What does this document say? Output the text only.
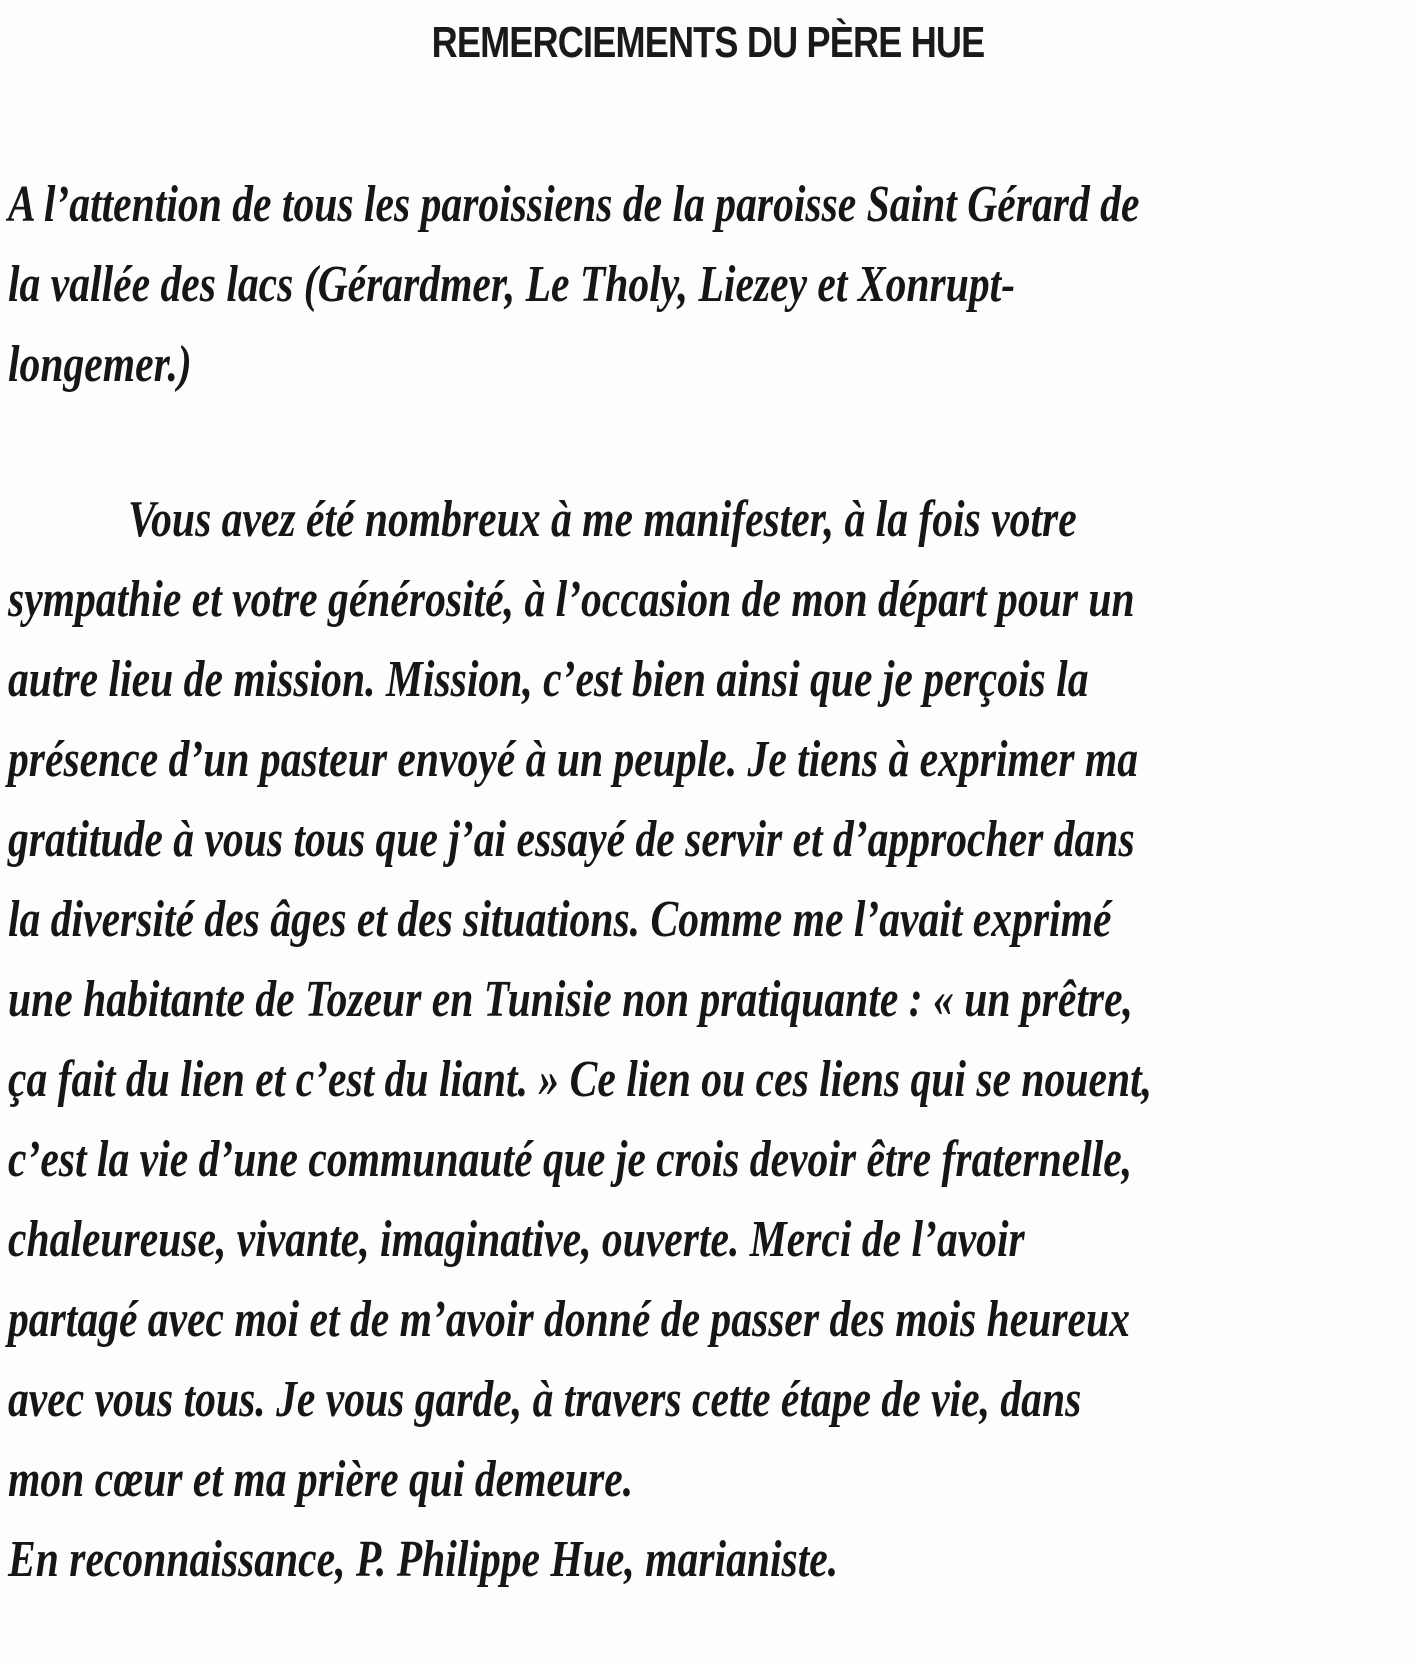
REMERCIEMENTS DU PÈRE HUE
A l’attention de tous les paroissiens de la paroisse Saint Gérard de
la vallée des lacs (Gérardmer, Le Tholy, Liezey et Xonrupt-
longemer.)
Vous avez été nombreux à me manifester, à la fois votre
sympathie et votre générosité, à l’occasion de mon départ pour un
autre lieu de mission. Mission, c’est bien ainsi que je perçois la
présence d’un pasteur envoyé à un peuple. Je tiens à exprimer ma
gratitude à vous tous que j’ai essayé de servir et d’approcher dans
la diversité des âges et des situations. Comme me l’avait exprimé
une habitante de Tozeur en Tunisie non pratiquante : « un prêtre,
ça fait du lien et c’est du liant. » Ce lien ou ces liens qui se nouent,
c’est la vie d’une communauté que je crois devoir être fraternelle,
chaleureuse, vivante, imaginative, ouverte. Merci de l’avoir
partagé avec moi et de m’avoir donné de passer des mois heureux
avec vous tous. Je vous garde, à travers cette étape de vie, dans
mon cœur et ma prière qui demeure.
En reconnaissance, P. Philippe Hue, marianiste.
